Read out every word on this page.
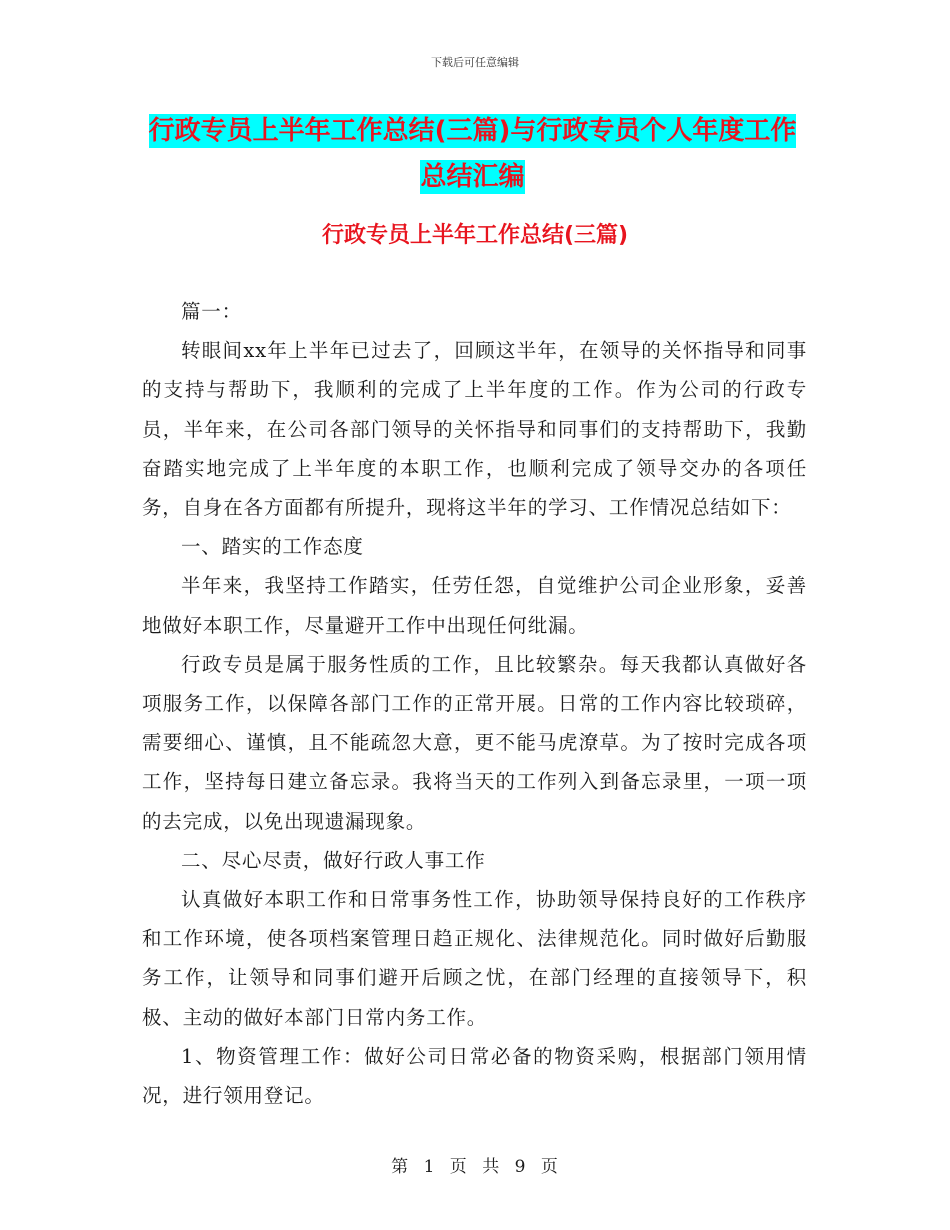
下载后可任意编辑
行政专员上半年工作总结(三篇)与行政专员个人年度工作总结汇编
行政专员上半年工作总结(三篇)

篇一：

转眼间xx年上半年已过去了，回顾这半年，在领导的关怀指导和同事的支持与帮助下，我顺利的完成了上半年度的工作。作为公司的行政专员，半年来，在公司各部门领导的关怀指导和同事们的支持帮助下，我勤奋踏实地完成了上半年度的本职工作，也顺利完成了领导交办的各项任务，自身在各方面都有所提升，现将这半年的学习、工作情况总结如下：

一、踏实的工作态度

半年来，我坚持工作踏实，任劳任怨，自觉维护公司企业形象，妥善地做好本职工作，尽量避开工作中出现任何纰漏。

行政专员是属于服务性质的工作，且比较繁杂。每天我都认真做好各项服务工作，以保障各部门工作的正常开展。日常的工作内容比较琐碎，需要细心、谨慎，且不能疏忽大意，更不能马虎潦草。为了按时完成各项工作，坚持每日建立备忘录。我将当天的工作列入到备忘录里，一项一项的去完成，以免出现遗漏现象。

二、尽心尽责，做好行政人事工作

认真做好本职工作和日常事务性工作，协助领导保持良好的工作秩序和工作环境，使各项档案管理日趋正规化、法律规范化。同时做好后勤服务工作，让领导和同事们避开后顾之忧，在部门经理的直接领导下，积极、主动的做好本部门日常内务工作。

1、物资管理工作：做好公司日常必备的物资采购，根据部门领用情况，进行领用登记。

第 1 页 共 9 页
